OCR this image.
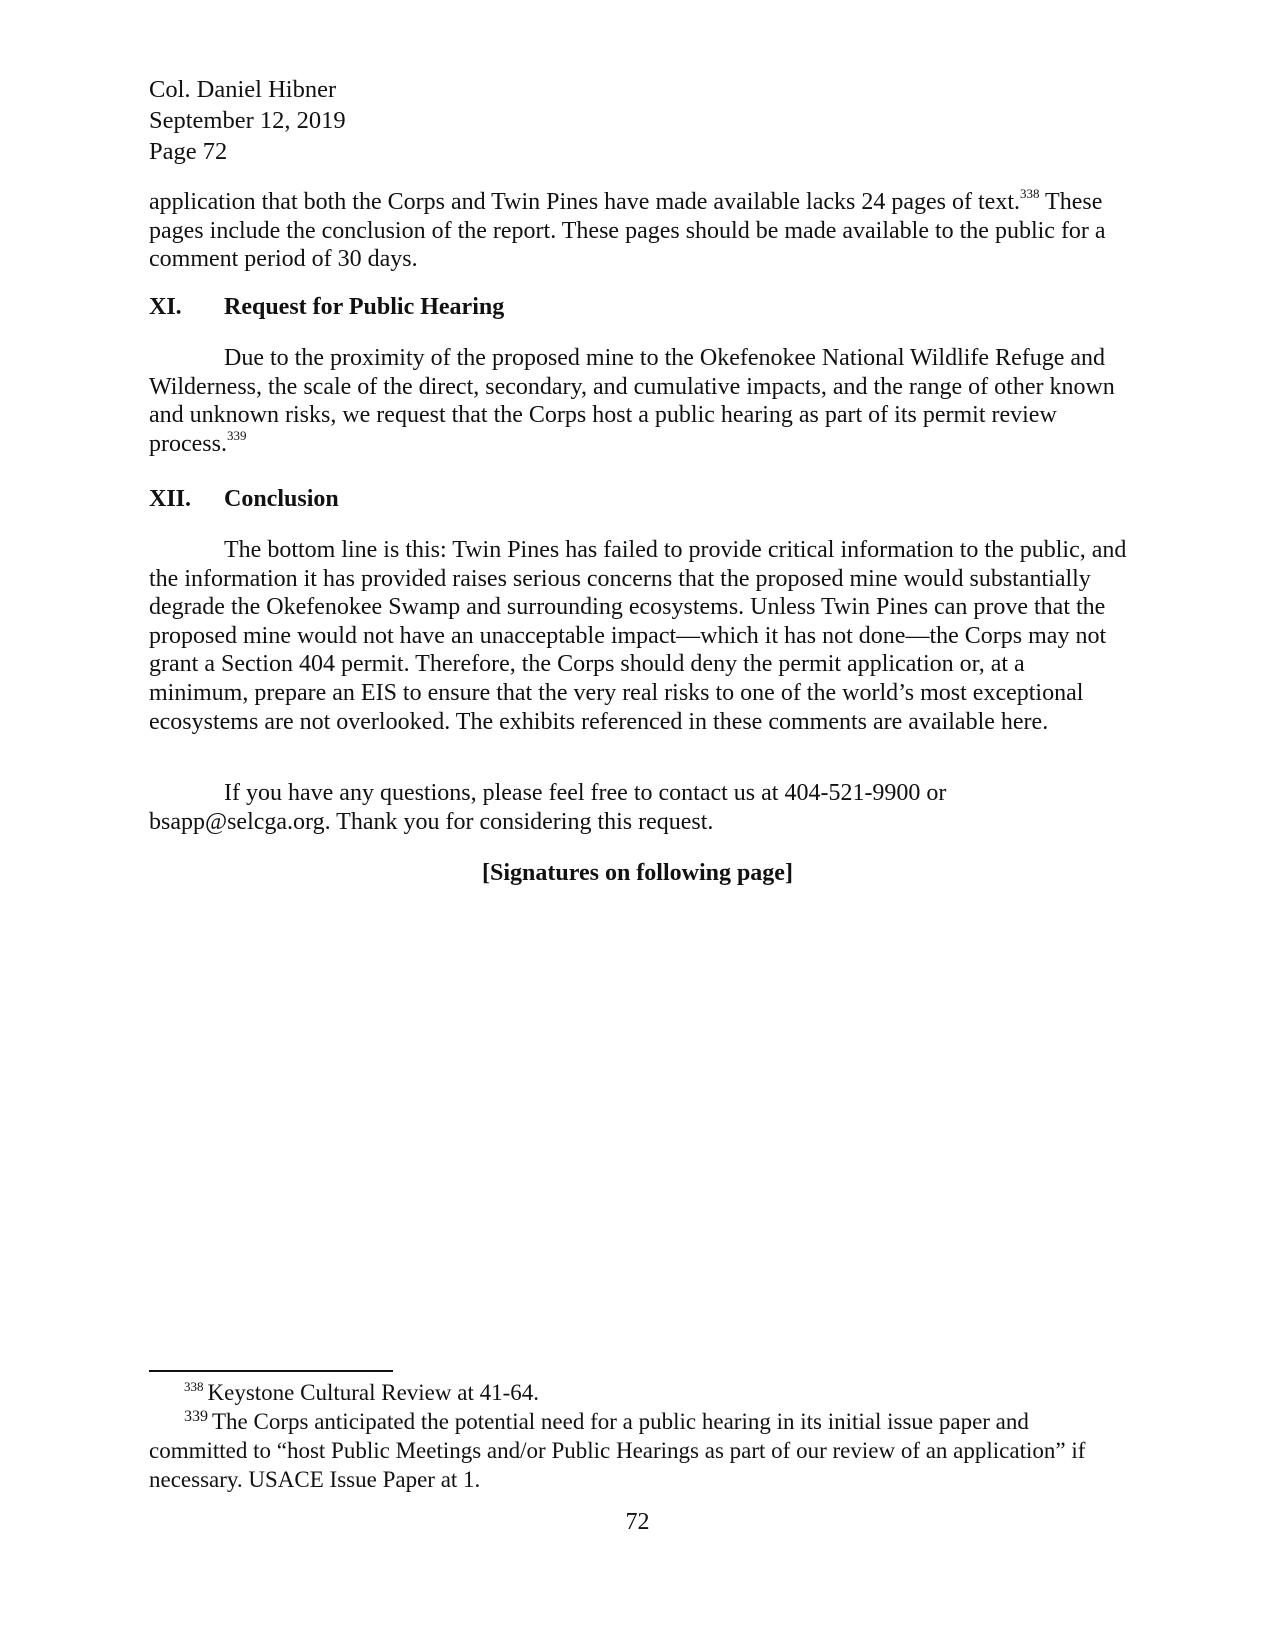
Col. Daniel Hibner
September 12, 2019
Page 72

application that both the Corps and Twin Pines have made available lacks 24 pages of text.$^{338}$ These pages include the conclusion of the report. These pages should be made available to the public for a comment period of 30 days.

XI. Request for Public Hearing

Due to the proximity of the proposed mine to the Okefenokee National Wildlife Refuge and Wilderness, the scale of the direct, secondary, and cumulative impacts, and the range of other known and unknown risks, we request that the Corps host a public hearing as part of its permit review process.$^{339}$

XII. Conclusion

The bottom line is this: Twin Pines has failed to provide critical information to the public, and the information it has provided raises serious concerns that the proposed mine would substantially degrade the Okefenokee Swamp and surrounding ecosystems. Unless Twin Pines can prove that the proposed mine would not have an unacceptable impact—which it has not done—the Corps may not grant a Section 404 permit. Therefore, the Corps should deny the permit application or, at a minimum, prepare an EIS to ensure that the very real risks to one of the world’s most exceptional ecosystems are not overlooked. The exhibits referenced in these comments are available here.

If you have any questions, please feel free to contact us at 404-521-9900 or bsapp@selcga.org. Thank you for considering this request.

[Signatures on following page]

$^{338}$ Keystone Cultural Review at 41-64.

$^{339}$ The Corps anticipated the potential need for a public hearing in its initial issue paper and committed to “host Public Meetings and/or Public Hearings as part of our review of an application” if necessary. USACE Issue Paper at 1.

72
